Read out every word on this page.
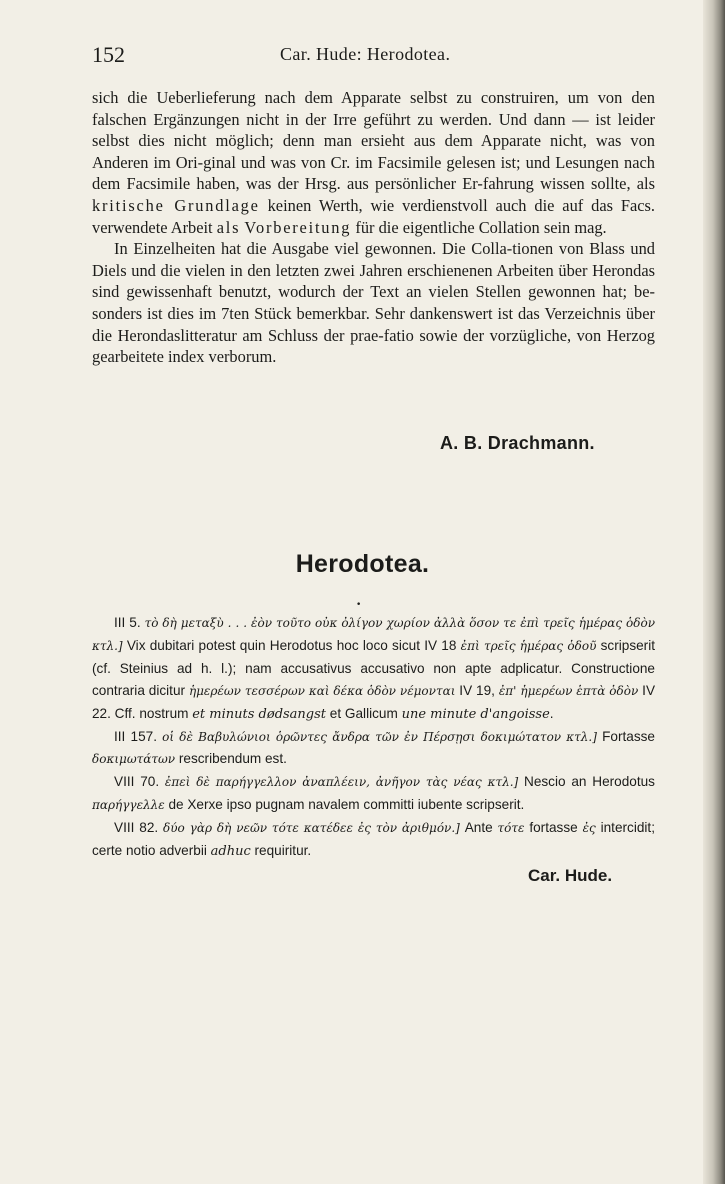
152	Car. Hude: Herodotea.

sich die Ueberlieferung nach dem Apparate selbst zu construiren, um von den falschen Ergänzungen nicht in der Irre geführt zu werden. Und dann — ist leider selbst dies nicht möglich; denn man ersieht aus dem Apparate nicht, was von Anderen im Ori-ginal und was von Cr. im Facsimile gelesen ist; und Lesungen nach dem Facsimile haben, was der Hrsg. aus persönlicher Er-fahrung wissen sollte, als kritische Grundlage keinen Werth, wie verdienstvoll auch die auf das Facs. verwendete Arbeit als Vorbereitung für die eigentliche Collation sein mag.

In Einzelheiten hat die Ausgabe viel gewonnen. Die Colla-tionen von Blass und Diels und die vielen in den letzten zwei Jahren erschienenen Arbeiten über Herondas sind gewissenhaft benutzt, wodurch der Text an vielen Stellen gewonnen hat; be-sonders ist dies im 7ten Stück bemerkbar. Sehr dankenswert ist das Verzeichnis über die Herondaslitteratur am Schluss der prae-fatio sowie der vorzügliche, von Herzog gearbeitete index verborum.

A. B. Drachmann.
Herodotea.
•

III 5. τὸ δὴ μεταξὺ . . . ἐὸν τοῦτο οὐκ ὀλίγον χωρίον ἀλλὰ ὅσον τε ἐπὶ τρεῖς ἡμέρας ὁδὸν κτλ.] Vix dubitari potest quin Herodotus hoc loco sicut IV 18 ἐπὶ τρεῖς ἡμέρας ὁδοῦ scripserit (cf. Steinius ad h. l.); nam accusativus accusativo non apte adplicatur. Constructione contraria dicitur ἡμερέων τεσσέρων καὶ δέκα ὁδὸν νέμονται IV 19, ἐπ' ἡμερέων ἑπτὰ ὁδὸν IV 22. Cff. nostrum et minuts dødsangst et Gallicum une minute d'angoisse.

III 157. οἱ δὲ Βαβυλώνιοι ὁρῶντες ἄνδρα τῶν ἐν Πέρσῃσι δοκιμώτατον κτλ.] Fortasse δοκιμωτάτων rescribendum est.

VIII 70. ἐπεὶ δὲ παρήγγελλον ἀναπλέειν, ἀνῆγον τὰς νέας κτλ.] Nescio an Herodotus παρήγγελλε de Xerxe ipso pugnam navalem committi iubente scripserit.

VIII 82. δύο γὰρ δὴ νεῶν τότε κατέδεε ἐς τὸν ἀριθμόν.] Ante τότε fortasse ἐς intercidit; certe notio adverbii adhuc requiritur.

Car. Hude.
